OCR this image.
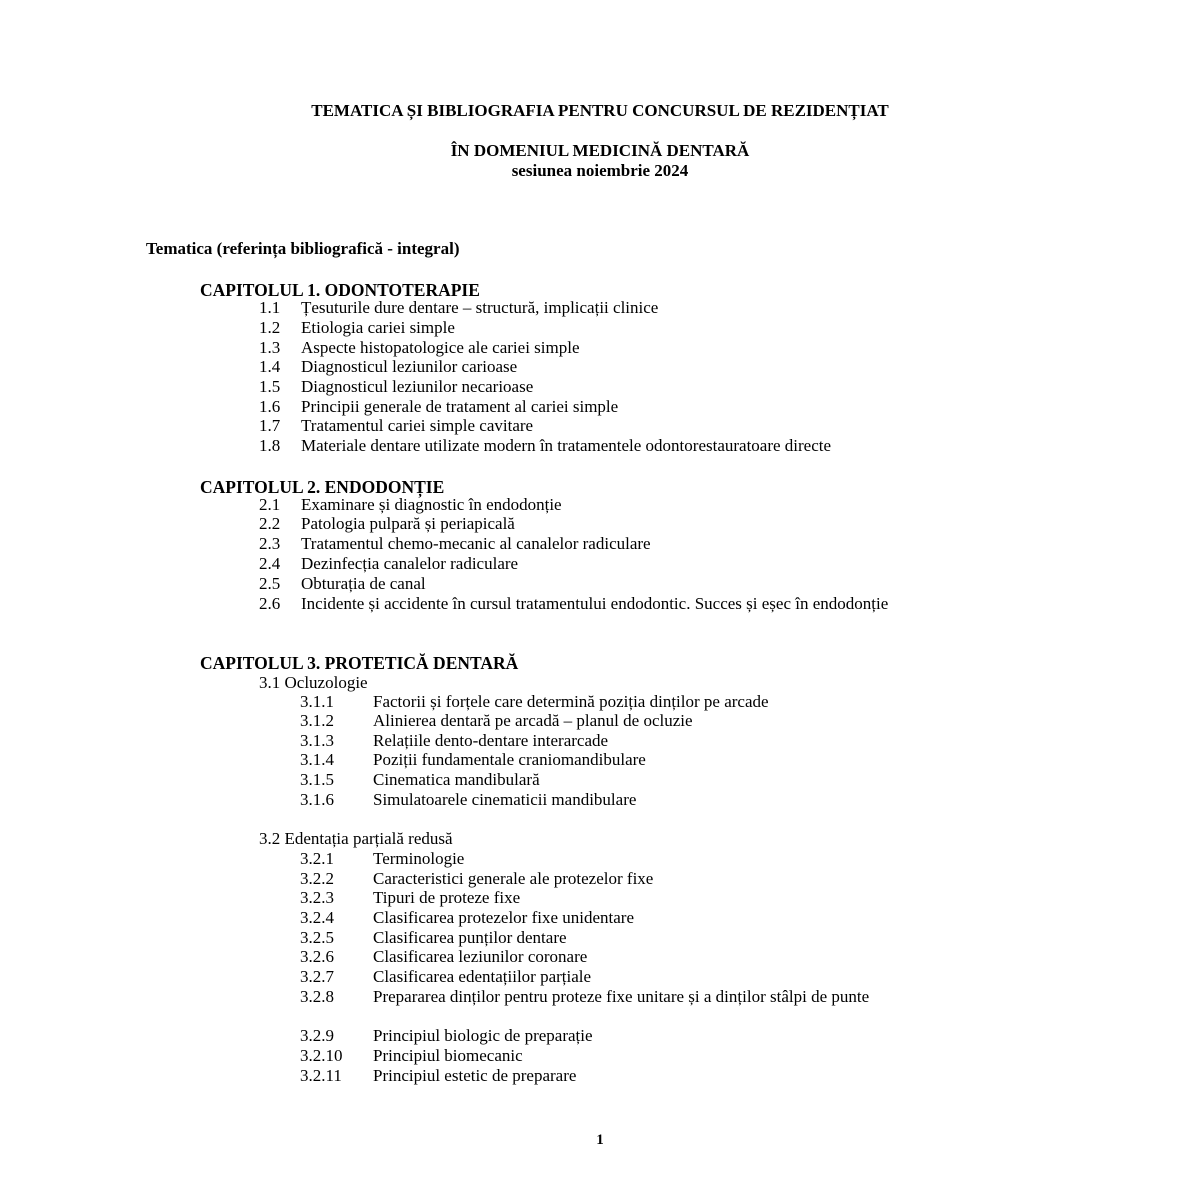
TEMATICA ȘI BIBLIOGRAFIA PENTRU CONCURSUL DE REZIDENȚIAT
ÎN DOMENIUL MEDICINĂ DENTARĂ
sesiunea noiembrie 2024
Tematica (referința bibliografică - integral)
CAPITOLUL 1. ODONTOTERAPIE
1.1 Țesuturile dure dentare – structură, implicații clinice
1.2 Etiologia cariei simple
1.3 Aspecte histopatologice ale cariei simple
1.4 Diagnosticul leziunilor carioase
1.5 Diagnosticul leziunilor necarioase
1.6 Principii generale de tratament al cariei simple
1.7 Tratamentul cariei simple cavitare
1.8 Materiale dentare utilizate modern în tratamentele odontorestauratoare directe
CAPITOLUL 2. ENDODONȚIE
2.1 Examinare și diagnostic în endodonție
2.2 Patologia pulpară și periapicală
2.3 Tratamentul chemo-mecanic al canalelor radiculare
2.4 Dezinfecția canalelor radiculare
2.5 Obturația de canal
2.6 Incidente și accidente în cursul tratamentului endodontic. Succes și eșec în endodonție
CAPITOLUL 3. PROTETICĂ DENTARĂ
3.1 Ocluzologie
3.1.1 Factorii și forțele care determină poziția dinților pe arcade
3.1.2 Alinierea dentară pe arcadă – planul de ocluzie
3.1.3 Relațiile dento-dentare interarcade
3.1.4 Poziții fundamentale craniomandibulare
3.1.5 Cinematica mandibulară
3.1.6 Simulatoarele cinematicii mandibulare
3.2 Edentația parțială redusă
3.2.1 Terminologie
3.2.2 Caracteristici generale ale protezelor fixe
3.2.3 Tipuri de proteze fixe
3.2.4 Clasificarea protezelor fixe unidentare
3.2.5 Clasificarea punților dentare
3.2.6 Clasificarea leziunilor coronare
3.2.7 Clasificarea edentațiilor parțiale
3.2.8 Prepararea dinților pentru proteze fixe unitare și a dinților stâlpi de punte
3.2.9 Principiul biologic de preparație
3.2.10 Principiul biomecanic
3.2.11 Principiul estetic de preparare
1
